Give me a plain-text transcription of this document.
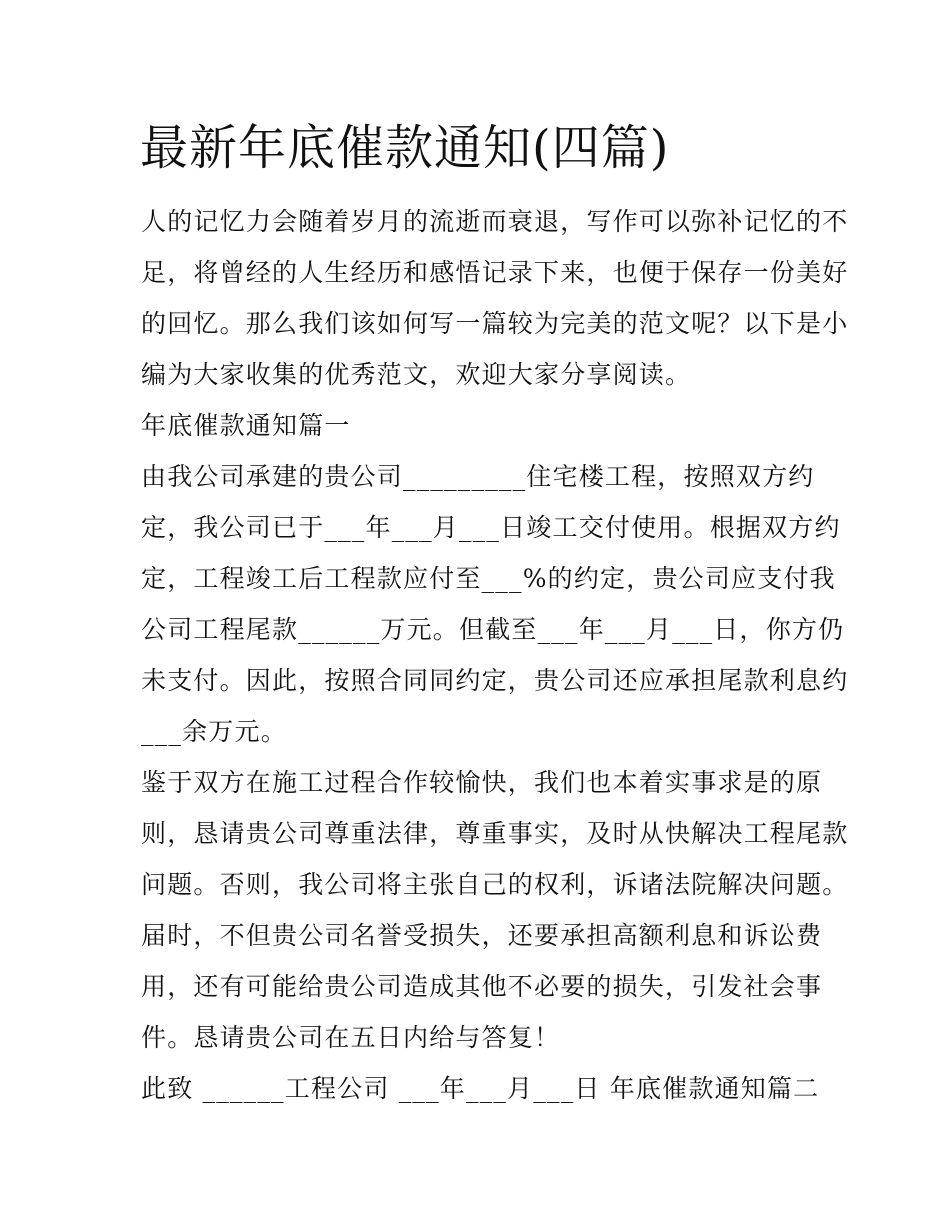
最新年底催款通知(四篇)
人的记忆力会随着岁月的流逝而衰退，写作可以弥补记忆的不
足，将曾经的人生经历和感悟记录下来，也便于保存一份美好
的回忆。那么我们该如何写一篇较为完美的范文呢？以下是小
编为大家收集的优秀范文，欢迎大家分享阅读。
年底催款通知篇一
由我公司承建的贵公司_________住宅楼工程，按照双方约
定，我公司已于___年___月___日竣工交付使用。根据双方约
定，工程竣工后工程款应付至___%的约定，贵公司应支付我
公司工程尾款______万元。但截至___年___月___日，你方仍
未支付。因此，按照合同同约定，贵公司还应承担尾款利息约
___余万元。
鉴于双方在施工过程合作较愉快，我们也本着实事求是的原
则，恳请贵公司尊重法律，尊重事实，及时从快解决工程尾款
问题。否则，我公司将主张自己的权利，诉诸法院解决问题。
届时，不但贵公司名誉受损失，还要承担高额利息和诉讼费
用，还有可能给贵公司造成其他不必要的损失，引发社会事
件。恳请贵公司在五日内给与答复！
此致 ______工程公司 ___年___月___日 年底催款通知篇二
